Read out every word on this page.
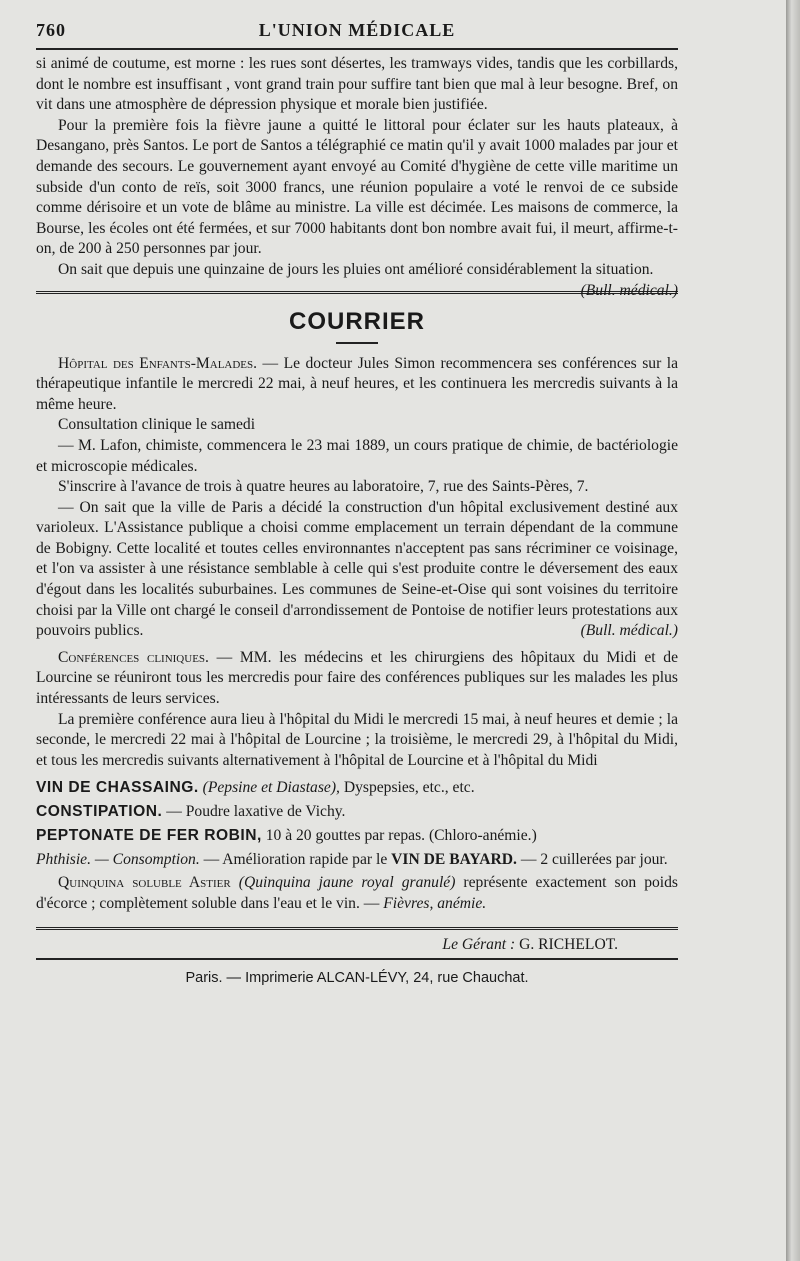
760	L'UNION MÉDICALE

si animé de coutume, est morne : les rues sont désertes, les tramways vides, tandis que les corbillards, dont le nombre est insuffisant , vont grand train pour suffire tant bien que mal à leur besogne. Bref, on vit dans une atmosphère de dépression physique et morale bien justifiée.

Pour la première fois la fièvre jaune a quitté le littoral pour éclater sur les hauts plateaux, à Desangano, près Santos. Le port de Santos a télégraphié ce matin qu'il y avait 1000 malades par jour et demande des secours. Le gouvernement ayant envoyé au Comité d'hygiène de cette ville maritime un subside d'un conto de reïs, soit 3000 francs, une réunion populaire a voté le renvoi de ce subside comme dérisoire et un vote de blâme au ministre. La ville est décimée. Les maisons de commerce, la Bourse, les écoles ont été fermées, et sur 7000 habitants dont bon nombre avait fui, il meurt, affirme-t-on, de 200 à 250 personnes par jour.

On sait que depuis une quinzaine de jours les pluies ont amélioré considérablement la situation.
(Bull. médical.)

COURRIER

Hôpital des Enfants-Malades. — Le docteur Jules Simon recommencera ses conférences sur la thérapeutique infantile le mercredi 22 mai, à neuf heures, et les continuera les mercredis suivants à la même heure.

Consultation clinique le samedi

— M. Lafon, chimiste, commencera le 23 mai 1889, un cours pratique de chimie, de bactériologie et microscopie médicales.

S'inscrire à l'avance de trois à quatre heures au laboratoire, 7, rue des Saints-Pères, 7.

— On sait que la ville de Paris a décidé la construction d'un hôpital exclusivement destiné aux varioleux. L'Assistance publique a choisi comme emplacement un terrain dépendant de la commune de Bobigny. Cette localité et toutes celles environnantes n'acceptent pas sans récriminer ce voisinage, et l'on va assister à une résistance semblable à celle qui s'est produite contre le déversement des eaux d'égout dans les localités suburbaines. Les communes de Seine-et-Oise qui sont voisines du territoire choisi par la Ville ont chargé le conseil d'arrondissement de Pontoise de notifier leurs protestations aux pouvoirs publics.	(Bull. médical.)

Conférences cliniques. — MM. les médecins et les chirurgiens des hôpitaux du Midi et de Lourcine se réuniront tous les mercredis pour faire des conférences publiques sur les malades les plus intéressants de leurs services.

La première conférence aura lieu à l'hôpital du Midi le mercredi 15 mai, à neuf heures et demie ; la seconde, le mercredi 22 mai à l'hôpital de Lourcine ; la troisième, le mercredi 29, à l'hôpital du Midi, et tous les mercredis suivants alternativement à l'hôpital de Lourcine et à l'hôpital du Midi

VIN DE CHASSAING. (Pepsine et Diastase), Dyspepsies, etc., etc.
CONSTIPATION. — Poudre laxative de Vichy.
PEPTONATE DE FER ROBIN, 10 à 20 gouttes par repas. (Chloro-anémie.)
Phthisie. — Consomption. — Amélioration rapide par le VIN DE BAYARD. — 2 cuillerées par jour.

Quinquina soluble Astier (Quinquina jaune royal granulé) représente exactement son poids d'écorce ; complètement soluble dans l'eau et le vin. — Fièvres, anémie.

Le Gérant : G. RICHELOT.
Paris. — Imprimerie ALCAN-LÉVY, 24, rue Chauchat.
